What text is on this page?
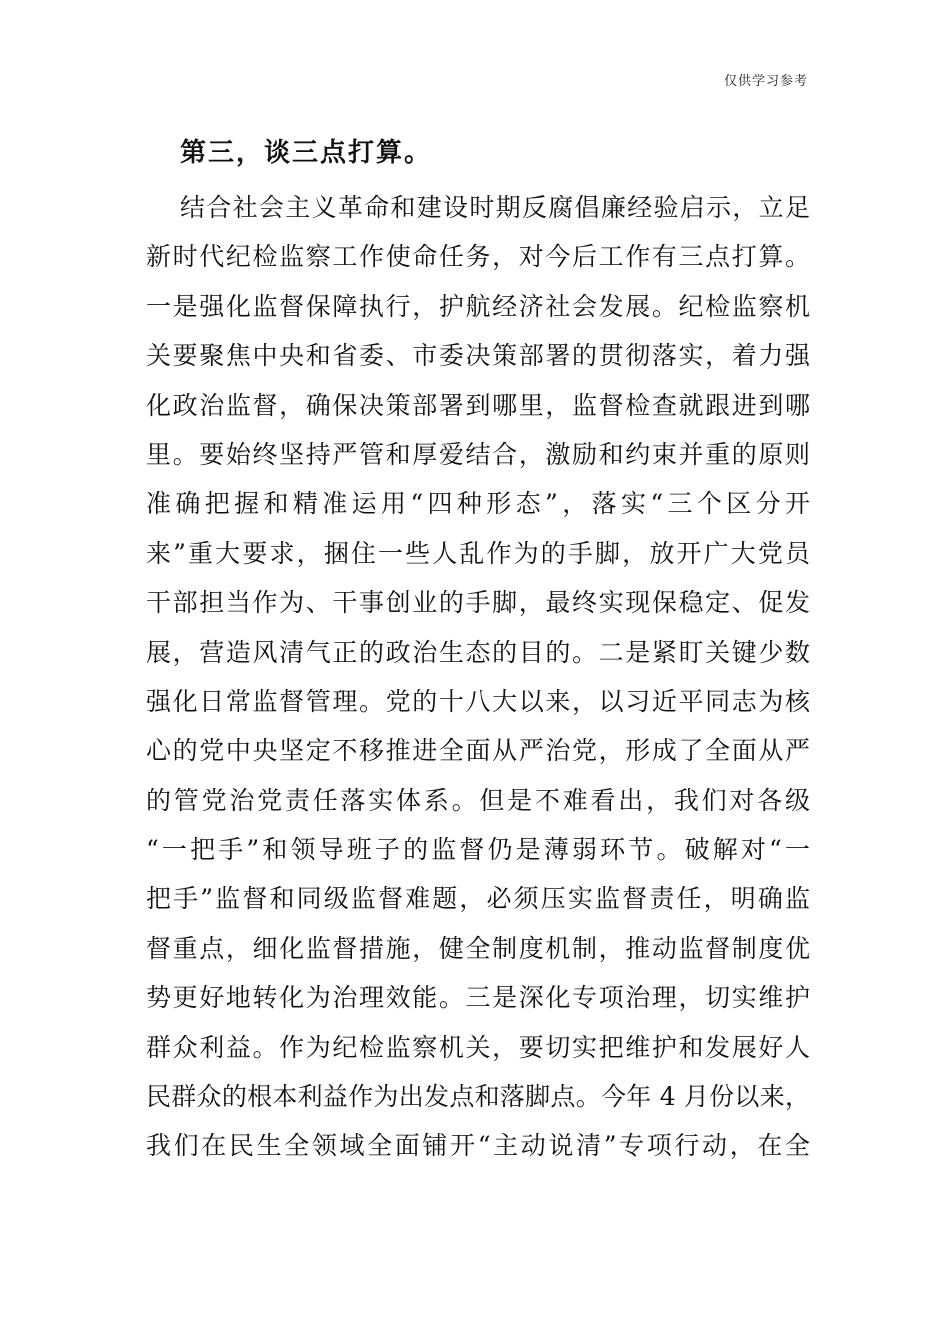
仅供学习参考
第三，谈三点打算。
结合社会主义革命和建设时期反腐倡廉经验启示，立足
新时代纪检监察工作使命任务，对今后工作有三点打算。
一是强化监督保障执行，护航经济社会发展。纪检监察机
关要聚焦中央和省委、市委决策部署的贯彻落实，着力强
化政治监督，确保决策部署到哪里，监督检查就跟进到哪
里。要始终坚持严管和厚爱结合，激励和约束并重的原则
准确把握和精准运用“四种形态”，落实“三个区分开
来”重大要求，捆住一些人乱作为的手脚，放开广大党员
干部担当作为、干事创业的手脚，最终实现保稳定、促发
展，营造风清气正的政治生态的目的。二是紧盯关键少数
强化日常监督管理。党的十八大以来，以习近平同志为核
心的党中央坚定不移推进全面从严治党，形成了全面从严
的管党治党责任落实体系。但是不难看出，我们对各级
“一把手”和领导班子的监督仍是薄弱环节。破解对“一
把手”监督和同级监督难题，必须压实监督责任，明确监
督重点，细化监督措施，健全制度机制，推动监督制度优
势更好地转化为治理效能。三是深化专项治理，切实维护
群众利益。作为纪检监察机关，要切实把维护和发展好人
民群众的根本利益作为出发点和落脚点。今年 4 月份以来，
我们在民生全领域全面铺开“主动说清”专项行动，在全
